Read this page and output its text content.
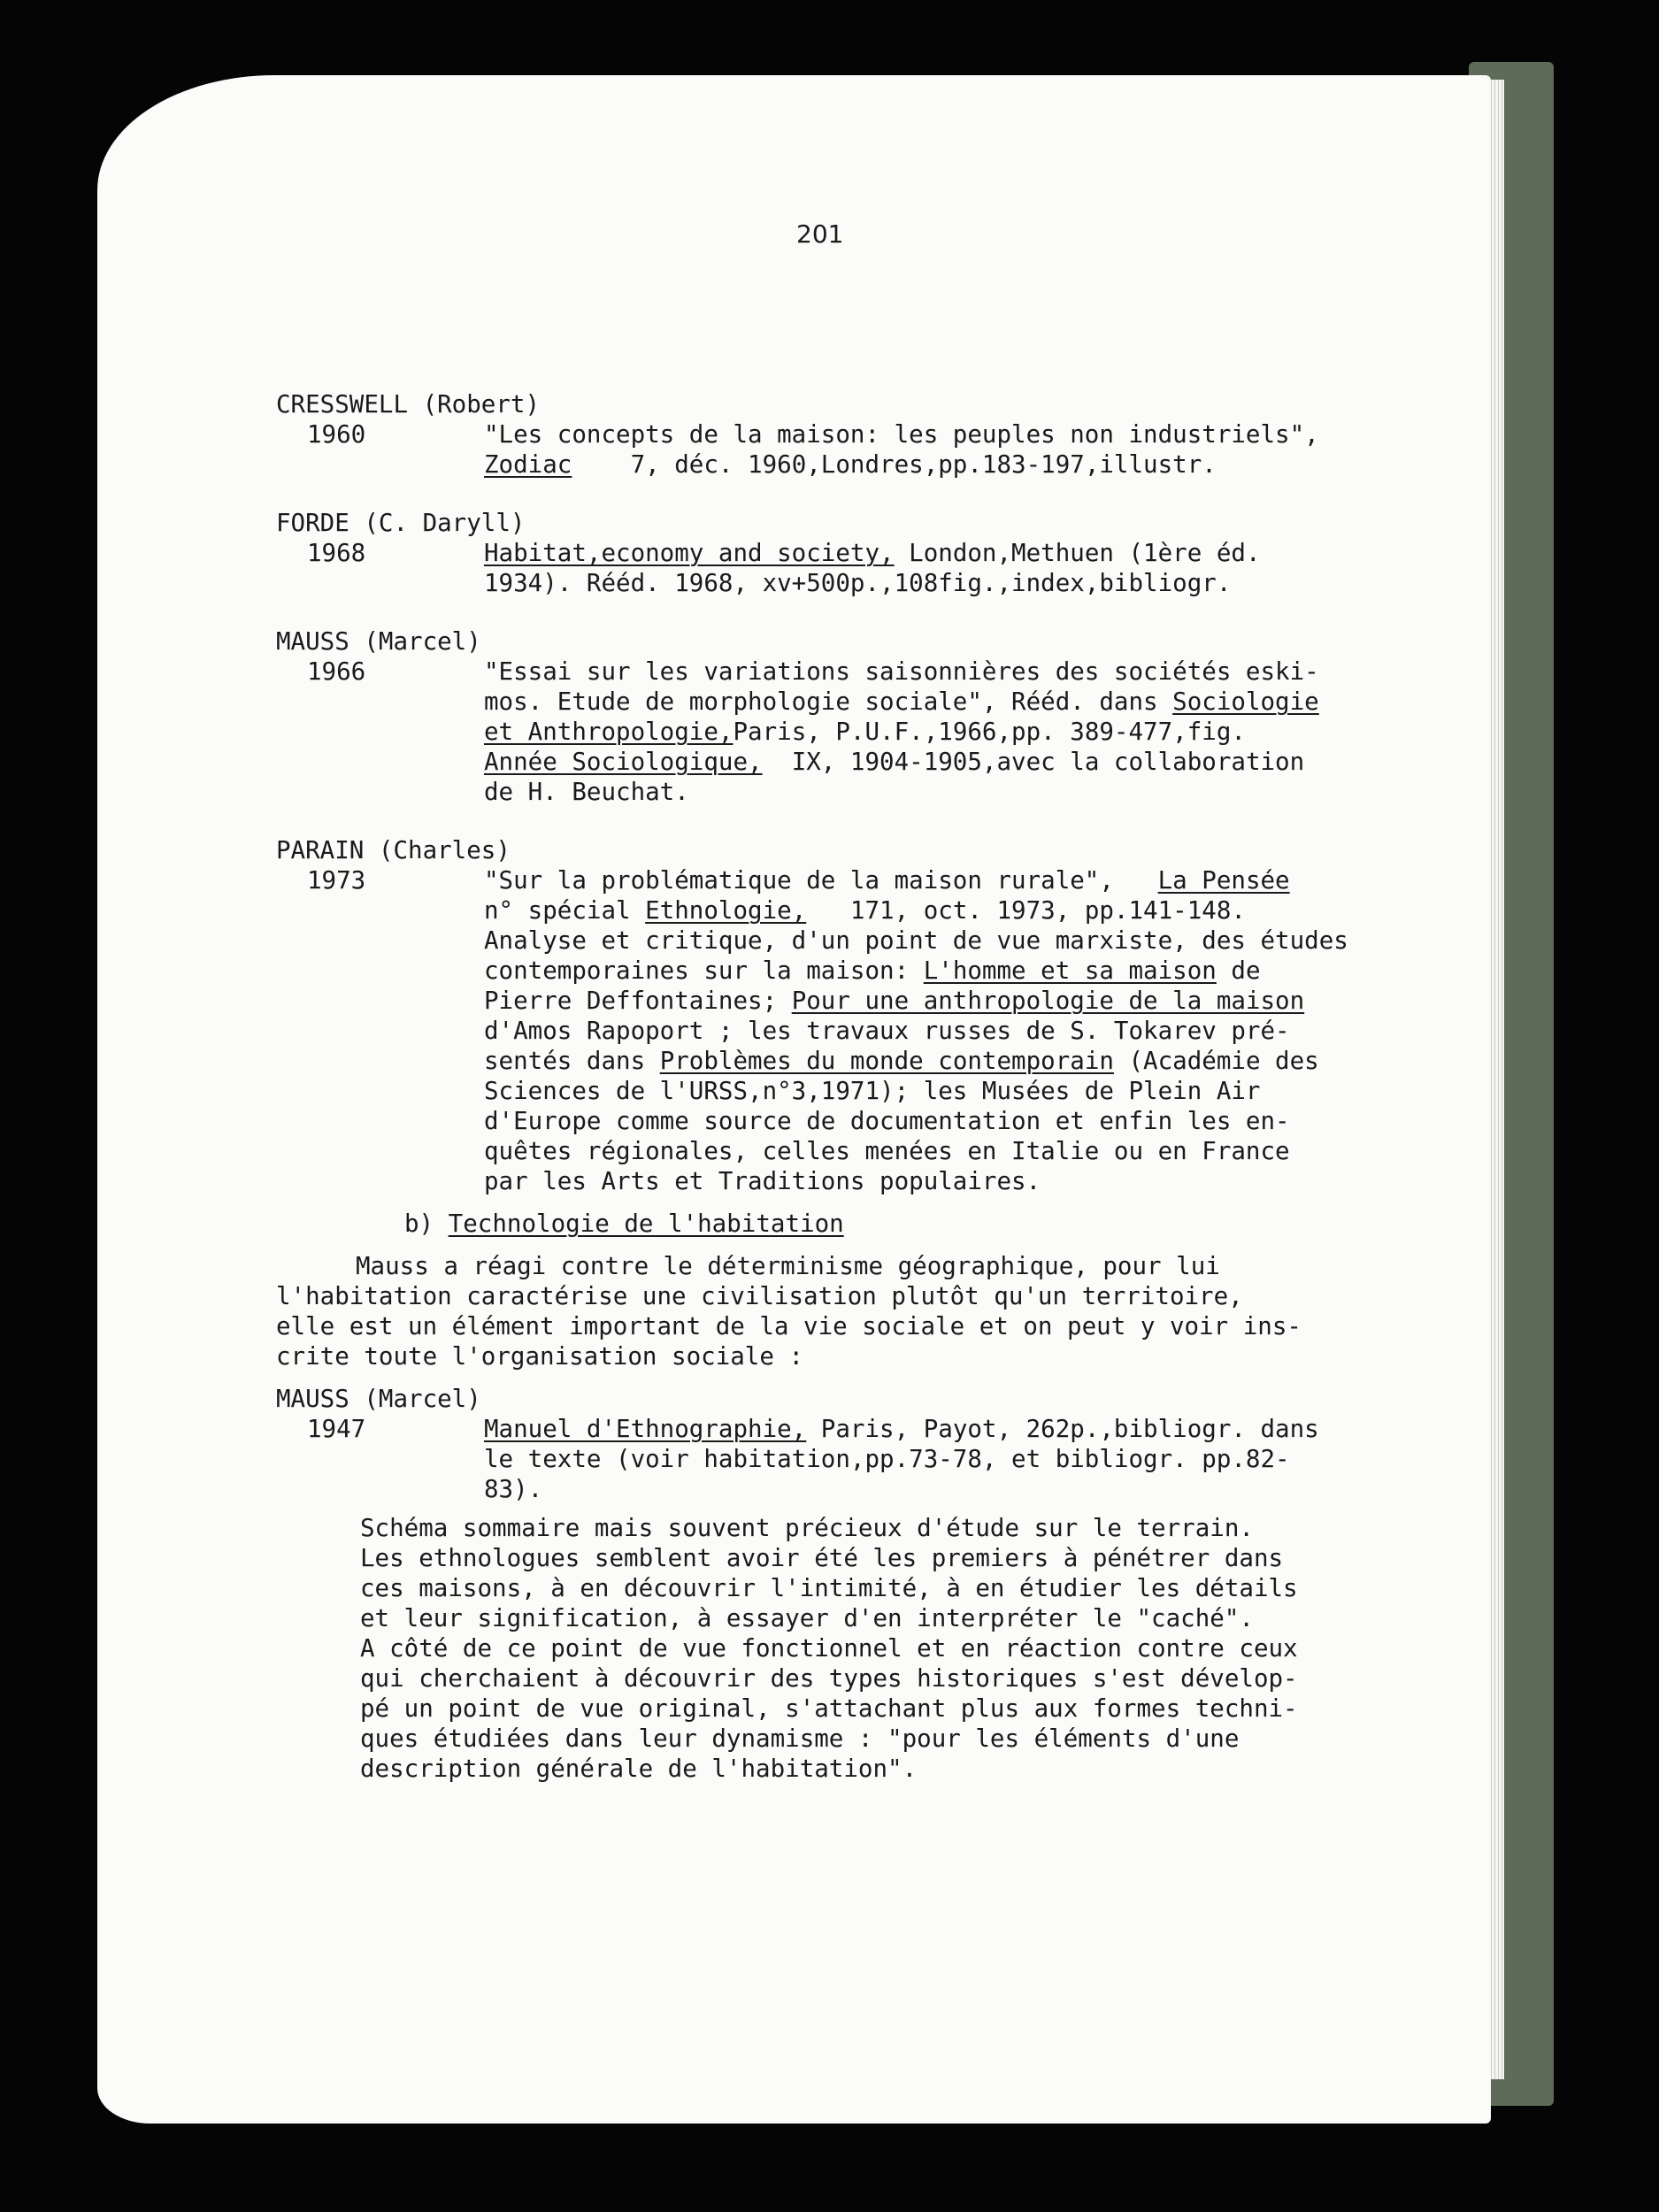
201
CRESSWELL (Robert)
1960	"Les concepts de la maison: les peuples non industriels",
Zodiac    7, déc. 1960,Londres,pp.183-197,illustr.
FORDE (C. Daryll)
1968	Habitat,economy and society, London,Methuen (1ère éd.
1934). Rééd. 1968, xv+500p.,108fig.,index,bibliogr.
MAUSS (Marcel)
1966	"Essai sur les variations saisonnières des sociétés eski-
mos. Etude de morphologie sociale", Rééd. dans Sociologie
et Anthropologie,Paris, P.U.F.,1966,pp. 389-477,fig.
Année Sociologique,  IX, 1904-1905,avec la collaboration
de H. Beuchat.
PARAIN (Charles)
1973	"Sur la problématique de la maison rurale",   La Pensée
n° spécial Ethnologie,   171, oct. 1973, pp.141-148.
Analyse et critique, d'un point de vue marxiste, des études
contemporaines sur la maison: L'homme et sa maison de
Pierre Deffontaines; Pour une anthropologie de la maison
d'Amos Rapoport ; les travaux russes de S. Tokarev pré-
sentés dans Problèmes du monde contemporain (Académie des
Sciences de l'URSS,n°3,1971); les Musées de Plein Air
d'Europe comme source de documentation et enfin les en-
quêtes régionales, celles menées en Italie ou en France
par les Arts et Traditions populaires.
b) Technologie de l'habitation
Mauss a réagi contre le déterminisme géographique, pour lui
l'habitation caractérise une civilisation plutôt qu'un territoire,
elle est un élément important de la vie sociale et on peut y voir ins-
crite toute l'organisation sociale :
MAUSS (Marcel)
1947	Manuel d'Ethnographie, Paris, Payot, 262p.,bibliogr. dans
le texte (voir habitation,pp.73-78, et bibliogr. pp.82-
83).
Schéma sommaire mais souvent précieux d'étude sur le terrain.
Les ethnologues semblent avoir été les premiers à pénétrer dans
ces maisons, à en découvrir l'intimité, à en étudier les détails
et leur signification, à essayer d'en interpréter le "caché".
A côté de ce point de vue fonctionnel et en réaction contre ceux
qui cherchaient à découvrir des types historiques s'est dévelop-
pé un point de vue original, s'attachant plus aux formes techni-
ques étudiées dans leur dynamisme : "pour les éléments d'une
description générale de l'habitation".
